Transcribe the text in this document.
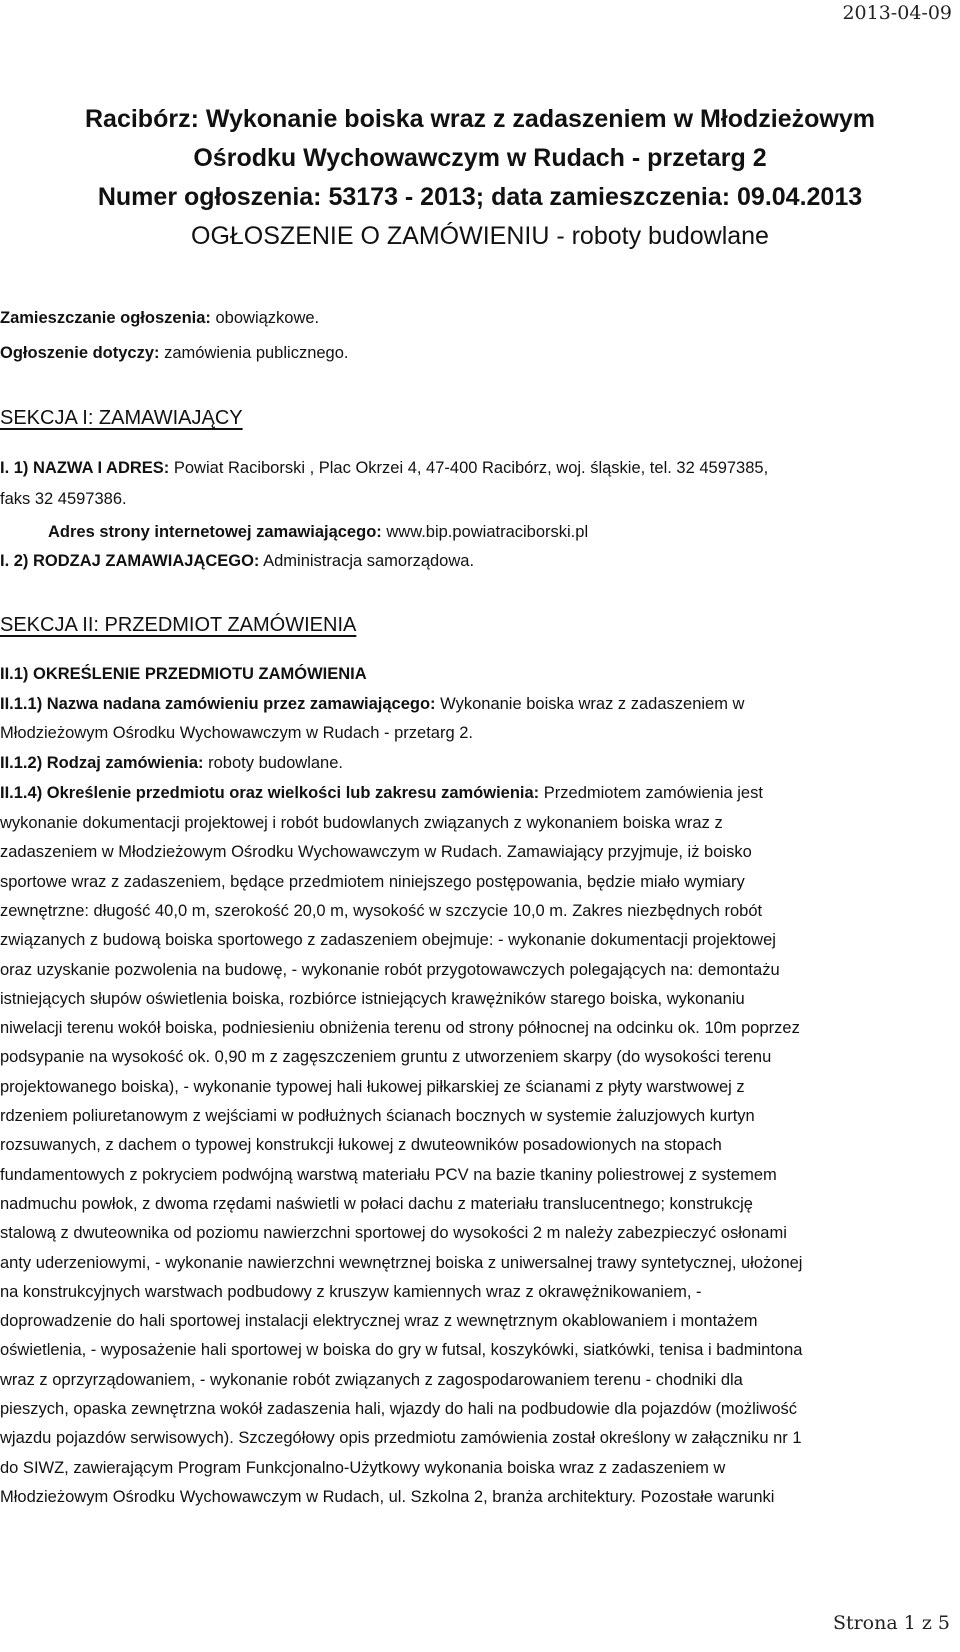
2013-04-09
Racibórz: Wykonanie boiska wraz z zadaszeniem w Młodzieżowym
Ośrodku Wychowawczym w Rudach - przetarg 2
Numer ogłoszenia: 53173 - 2013; data zamieszczenia: 09.04.2013
OGŁOSZENIE O ZAMÓWIENIU - roboty budowlane
Zamieszczanie ogłoszenia: obowiązkowe.
Ogłoszenie dotyczy: zamówienia publicznego.
SEKCJA I: ZAMAWIAJĄCY
I. 1) NAZWA I ADRES: Powiat Raciborski , Plac Okrzei 4, 47-400 Racibórz, woj. śląskie, tel. 32 4597385,
faks 32 4597386.
Adres strony internetowej zamawiającego: www.bip.powiatraciborski.pl
I. 2) RODZAJ ZAMAWIAJĄCEGO: Administracja samorządowa.
SEKCJA II: PRZEDMIOT ZAMÓWIENIA
II.1) OKREŚLENIE PRZEDMIOTU ZAMÓWIENIA
II.1.1) Nazwa nadana zamówieniu przez zamawiającego: Wykonanie boiska wraz z zadaszeniem w
Młodzieżowym Ośrodku Wychowawczym w Rudach - przetarg 2.
II.1.2) Rodzaj zamówienia: roboty budowlane.
II.1.4) Określenie przedmiotu oraz wielkości lub zakresu zamówienia: Przedmiotem zamówienia jest
wykonanie dokumentacji projektowej i robót budowlanych związanych z wykonaniem boiska wraz z
zadaszeniem w Młodzieżowym Ośrodku Wychowawczym w Rudach. Zamawiający przyjmuje, iż boisko
sportowe wraz z zadaszeniem, będące przedmiotem niniejszego postępowania, będzie miało wymiary
zewnętrzne: długość 40,0 m, szerokość 20,0 m, wysokość w szczycie 10,0 m. Zakres niezbędnych robót
związanych z budową boiska sportowego z zadaszeniem obejmuje: - wykonanie dokumentacji projektowej
oraz uzyskanie pozwolenia na budowę, - wykonanie robót przygotowawczych polegających na: demontażu
istniejących słupów oświetlenia boiska, rozbiórce istniejących krawężników starego boiska, wykonaniu
niwelacji terenu wokół boiska, podniesieniu obniżenia terenu od strony północnej na odcinku ok. 10m poprzez
podsypanie na wysokość ok. 0,90 m z zagęszczeniem gruntu z utworzeniem skarpy (do wysokości terenu
projektowanego boiska), - wykonanie typowej hali łukowej piłkarskiej ze ścianami z płyty warstwowej z
rdzeniem poliuretanowym z wejściami w podłużnych ścianach bocznych w systemie żaluzjowych kurtyn
rozsuwanych, z dachem o typowej konstrukcji łukowej z dwuteowników posadowionych na stopach
fundamentowych z pokryciem podwójną warstwą materiału PCV na bazie tkaniny poliestrowej z systemem
nadmuchu powłok, z dwoma rzędami naświetli w połaci dachu z materiału translucentnego; konstrukcję
stalową z dwuteownika od poziomu nawierzchni sportowej do wysokości 2 m należy zabezpieczyć osłonami
anty uderzeniowymi, - wykonanie nawierzchni wewnętrznej boiska z uniwersalnej trawy syntetycznej, ułożonej
na konstrukcyjnych warstwach podbudowy z kruszyw kamiennych wraz z okrawężnikowaniem, -
doprowadzenie do hali sportowej instalacji elektrycznej wraz z wewnętrznym okablowaniem i montażem
oświetlenia, - wyposażenie hali sportowej w boiska do gry w futsal, koszykówki, siatkówki, tenisa i badmintona
wraz z oprzyrządowaniem, - wykonanie robót związanych z zagospodarowaniem terenu - chodniki dla
pieszych, opaska zewnętrzna wokół zadaszenia hali, wjazdy do hali na podbudowie dla pojazdów (możliwość
wjazdu pojazdów serwisowych). Szczegółowy opis przedmiotu zamówienia został określony w załączniku nr 1
do SIWZ, zawierającym Program Funkcjonalno-Użytkowy wykonania boiska wraz z zadaszeniem w
Młodzieżowym Ośrodku Wychowawczym w Rudach, ul. Szkolna 2, branża architektury. Pozostałe warunki
Strona 1 z 5
